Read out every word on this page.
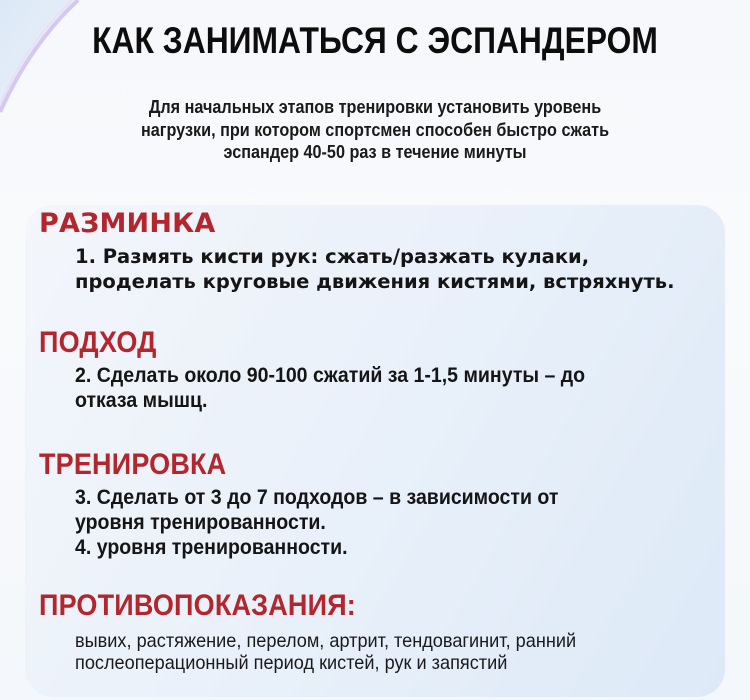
КАК ЗАНИМАТЬСЯ С ЭСПАНДЕРОМ
Для начальных этапов тренировки установить уровень
нагрузки, при котором спортсмен способен быстро сжать
эспандер 40-50 раз в течение минуты
РАЗМИНКА
1. Размять кисти рук: сжать/разжать кулаки,
проделать круговые движения кистями, встряхнуть.
ПОДХОД
2. Сделать около 90-100 сжатий за 1-1,5 минуты – до
отказа мышц.
ТРЕНИРОВКА
3. Сделать от 3 до 7 подходов – в зависимости от
уровня тренированности.
4. уровня тренированности.
ПРОТИВОПОКАЗАНИЯ:
вывих, растяжение, перелом, артрит, тендовагинит, ранний
послеоперационный период кистей, рук и запястий
